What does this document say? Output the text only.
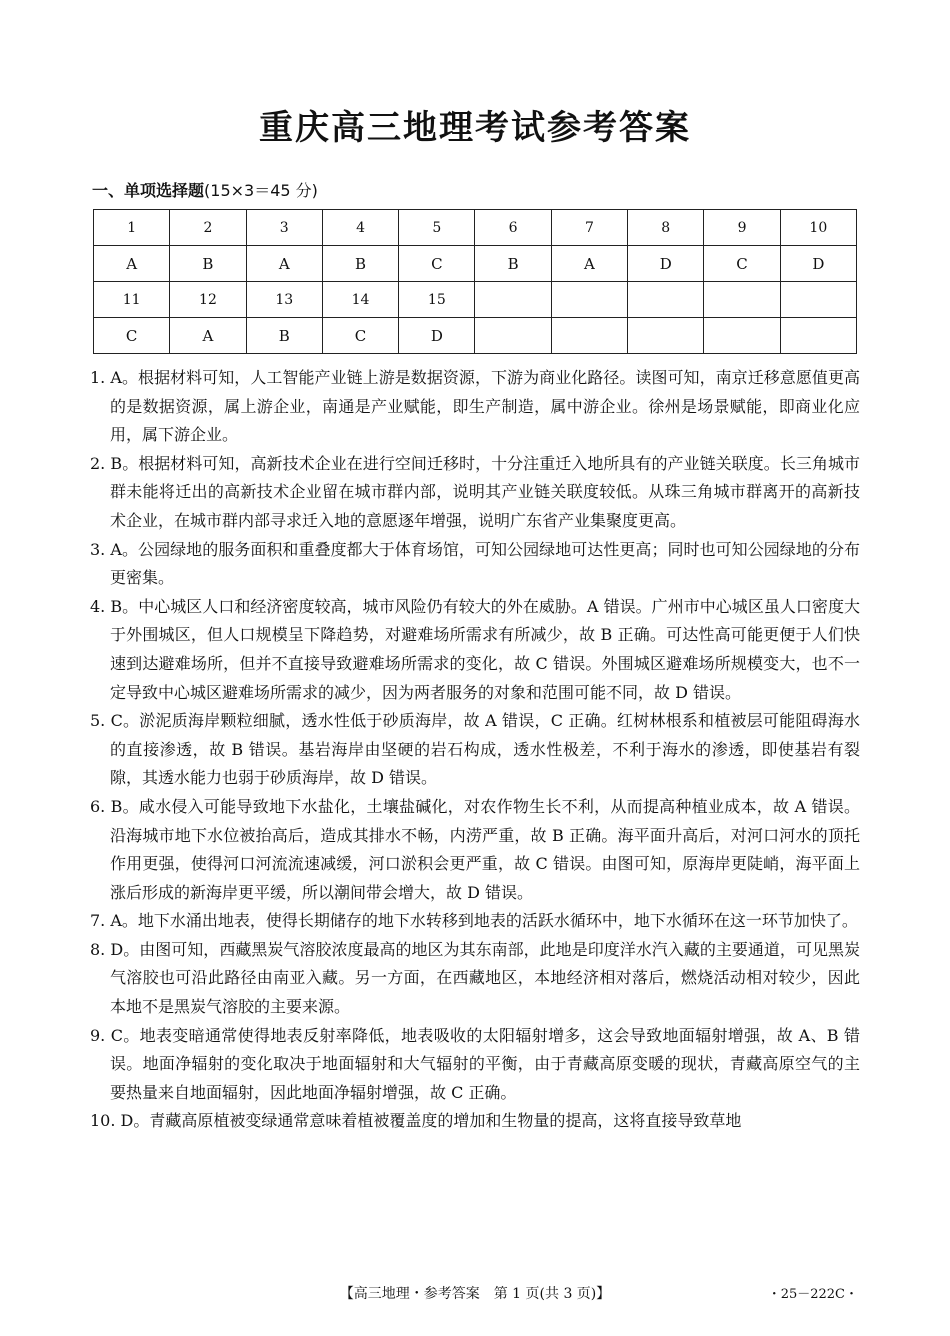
重庆高三地理考试参考答案
一、单项选择题(15×3＝45 分)
1	2	3	4	5	6	7	8	9	10
A	B	A	B	C	B	A	D	C	D
11	12	13	14	15					
C	A	B	C	D					
1. A。根据材料可知，人工智能产业链上游是数据资源，下游为商业化路径。读图可知，南京迁移意愿值更高的是数据资源，属上游企业，南通是产业赋能，即生产制造，属中游企业。徐州是场景赋能，即商业化应用，属下游企业。
2. B。根据材料可知，高新技术企业在进行空间迁移时，十分注重迁入地所具有的产业链关联度。长三角城市群未能将迁出的高新技术企业留在城市群内部，说明其产业链关联度较低。从珠三角城市群离开的高新技术企业，在城市群内部寻求迁入地的意愿逐年增强，说明广东省产业集聚度更高。
3. A。公园绿地的服务面积和重叠度都大于体育场馆，可知公园绿地可达性更高；同时也可知公园绿地的分布更密集。
4. B。中心城区人口和经济密度较高，城市风险仍有较大的外在威胁。A 错误。广州市中心城区虽人口密度大于外围城区，但人口规模呈下降趋势，对避难场所需求有所减少，故 B 正确。可达性高可能更便于人们快速到达避难场所，但并不直接导致避难场所需求的变化，故 C 错误。外围城区避难场所规模变大，也不一定导致中心城区避难场所需求的减少，因为两者服务的对象和范围可能不同，故 D 错误。
5. C。淤泥质海岸颗粒细腻，透水性低于砂质海岸，故 A 错误，C 正确。红树林根系和植被层可能阻碍海水的直接渗透，故 B 错误。基岩海岸由坚硬的岩石构成，透水性极差，不利于海水的渗透，即使基岩有裂隙，其透水能力也弱于砂质海岸，故 D 错误。
6. B。咸水侵入可能导致地下水盐化，土壤盐碱化，对农作物生长不利，从而提高种植业成本，故 A 错误。沿海城市地下水位被抬高后，造成其排水不畅，内涝严重，故 B 正确。海平面升高后，对河口河水的顶托作用更强，使得河口河流流速减缓，河口淤积会更严重，故 C 错误。由图可知，原海岸更陡峭，海平面上涨后形成的新海岸更平缓，所以潮间带会增大，故 D 错误。
7. A。地下水涌出地表，使得长期储存的地下水转移到地表的活跃水循环中，地下水循环在这一环节加快了。
8. D。由图可知，西藏黑炭气溶胶浓度最高的地区为其东南部，此地是印度洋水汽入藏的主要通道，可见黑炭气溶胶也可沿此路径由南亚入藏。另一方面，在西藏地区，本地经济相对落后，燃烧活动相对较少，因此本地不是黑炭气溶胶的主要来源。
9. C。地表变暗通常使得地表反射率降低，地表吸收的太阳辐射增多，这会导致地面辐射增强，故 A、B 错误。地面净辐射的变化取决于地面辐射和大气辐射的平衡，由于青藏高原变暖的现状，青藏高原空气的主要热量来自地面辐射，因此地面净辐射增强，故 C 正确。
10. D。青藏高原植被变绿通常意味着植被覆盖度的增加和生物量的提高，这将直接导致草地
【高三地理・参考答案　第 1 页(共 3 页)】	・25－222C・
